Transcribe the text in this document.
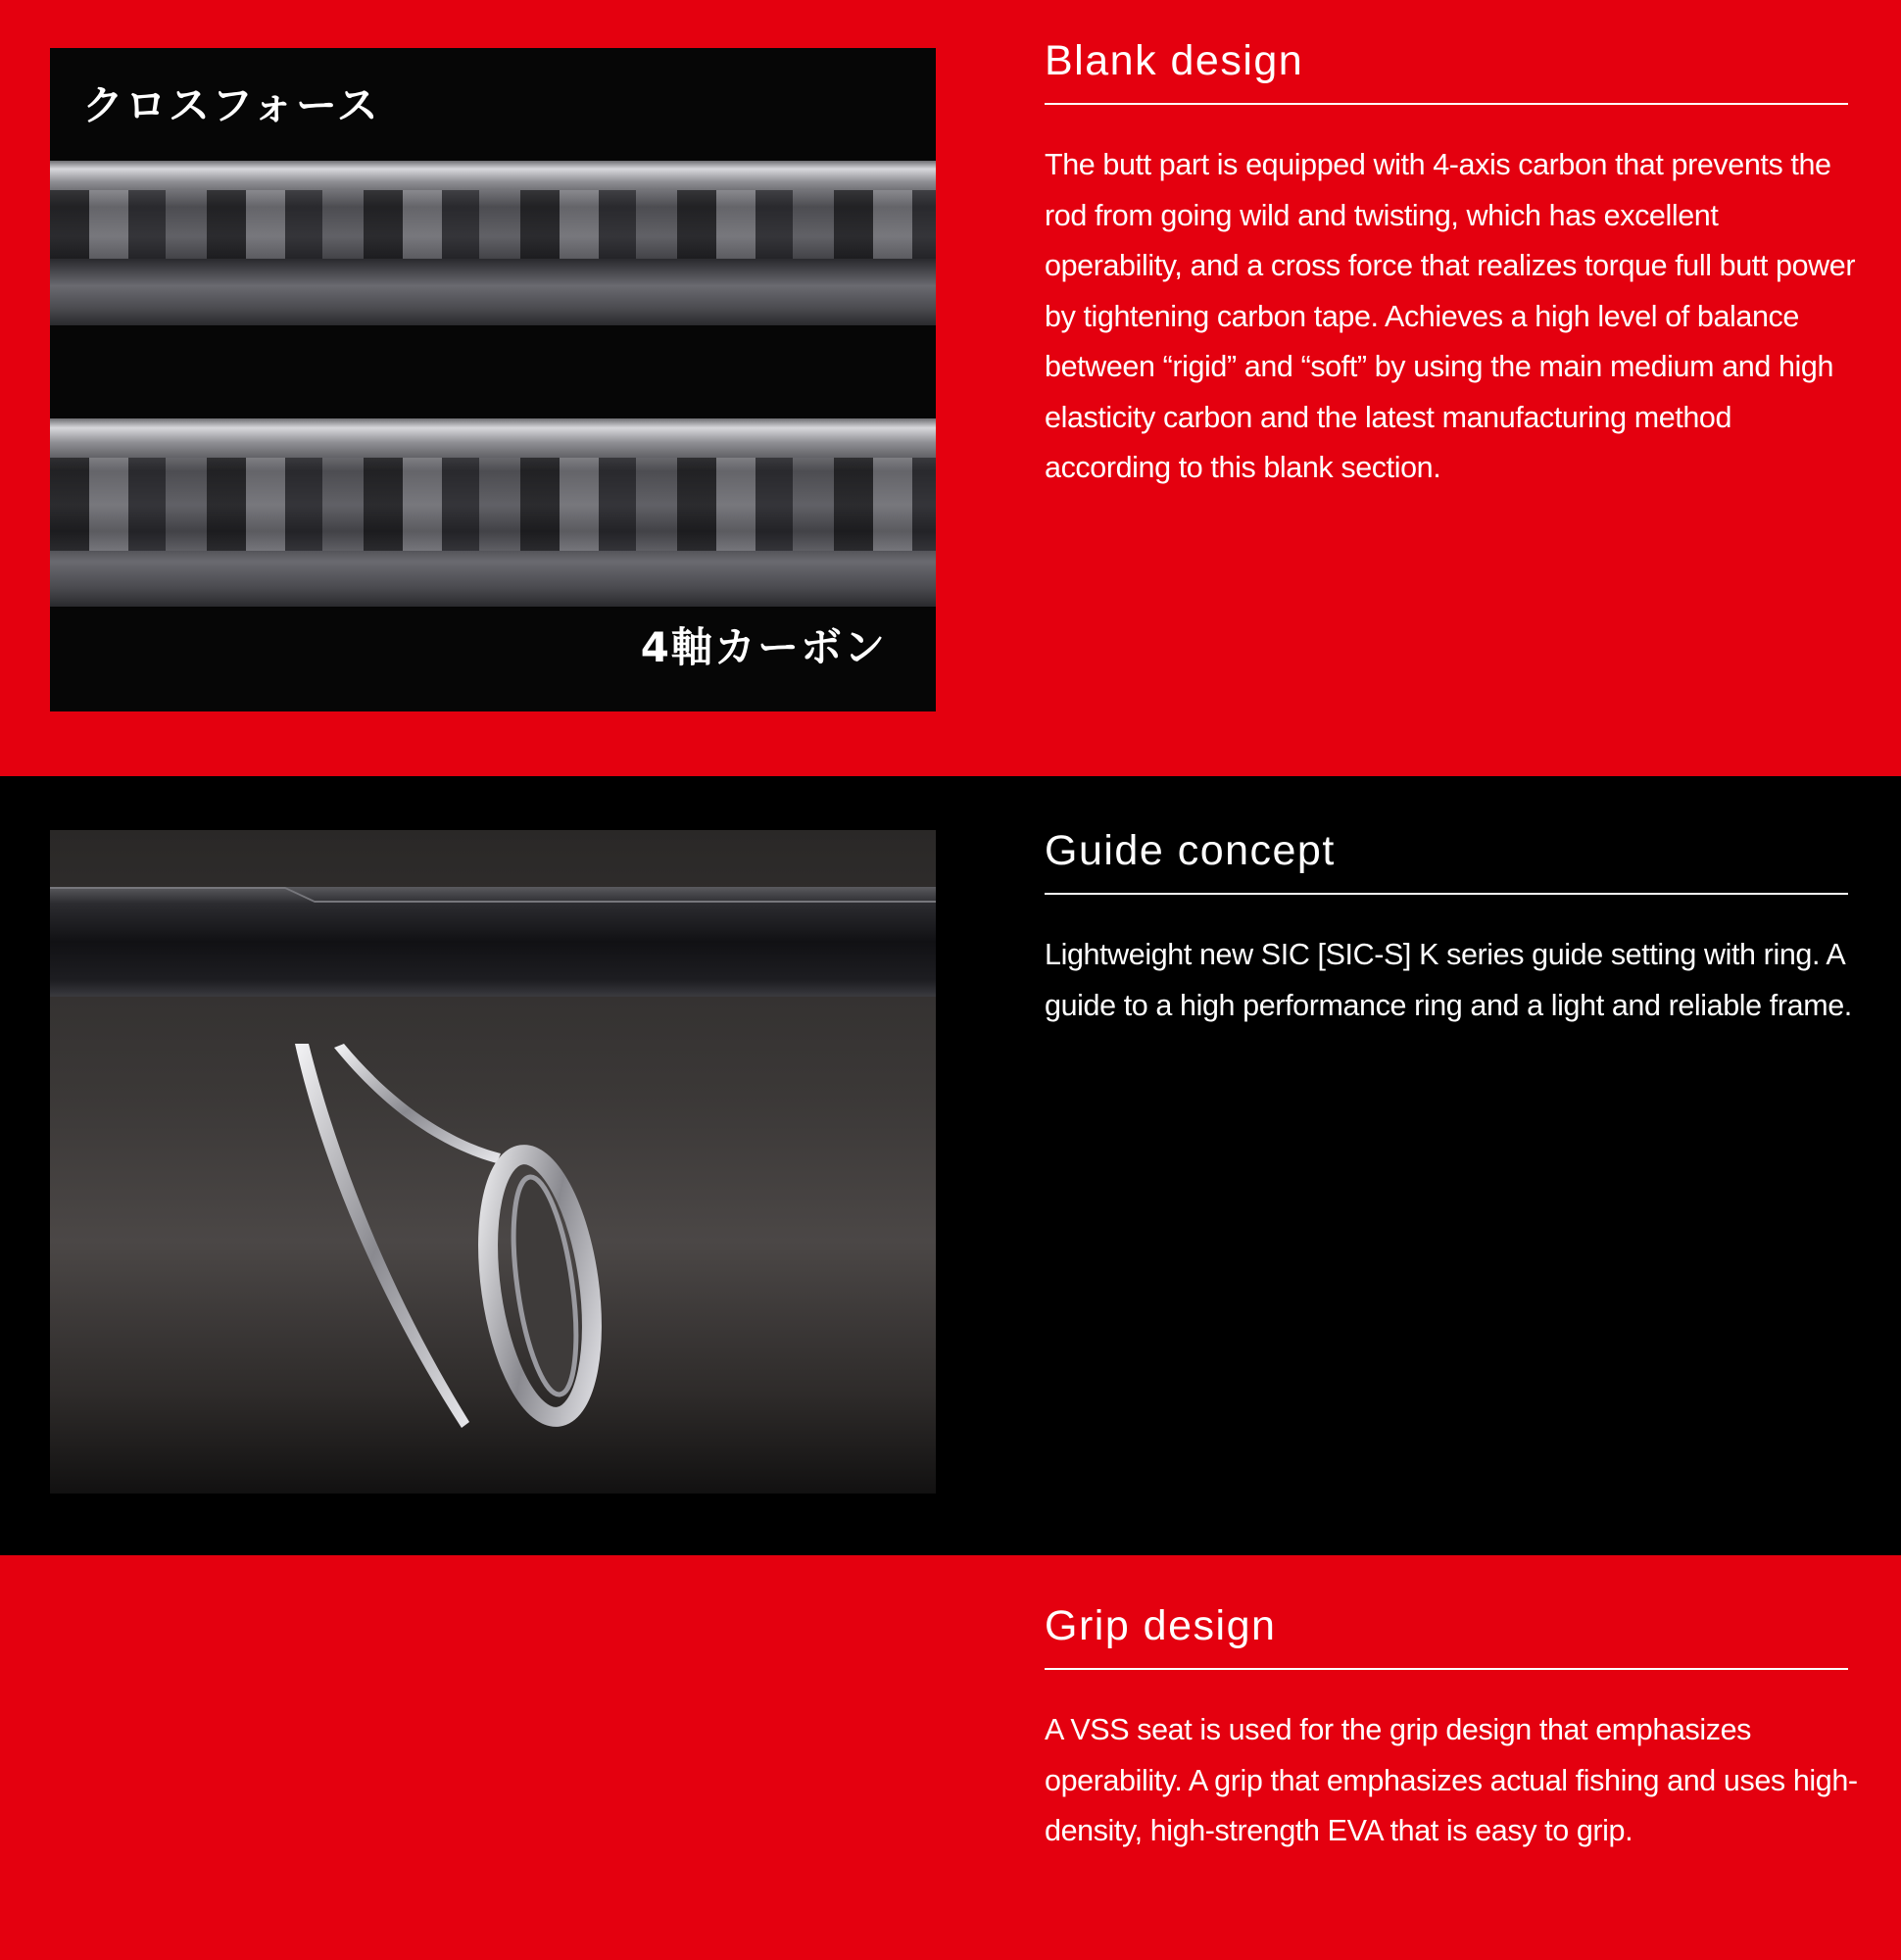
クロスフォース
4軸カーボン
Blank design

The butt part is equipped with 4-axis carbon that prevents the rod from going wild and twisting, which has excellent operability, and a cross force that realizes torque full butt power by tightening carbon tape. Achieves a high level of balance between “rigid” and “soft” by using the main medium and high elasticity carbon and the latest manufacturing method according to this blank section.

Guide concept

Lightweight new SIC [SIC-S] K series guide setting with ring. A guide to a high performance ring and a light and reliable frame.

Grip design

A VSS seat is used for the grip design that emphasizes operability. A grip that emphasizes actual fishing and uses high-density, high-strength EVA that is easy to grip.
